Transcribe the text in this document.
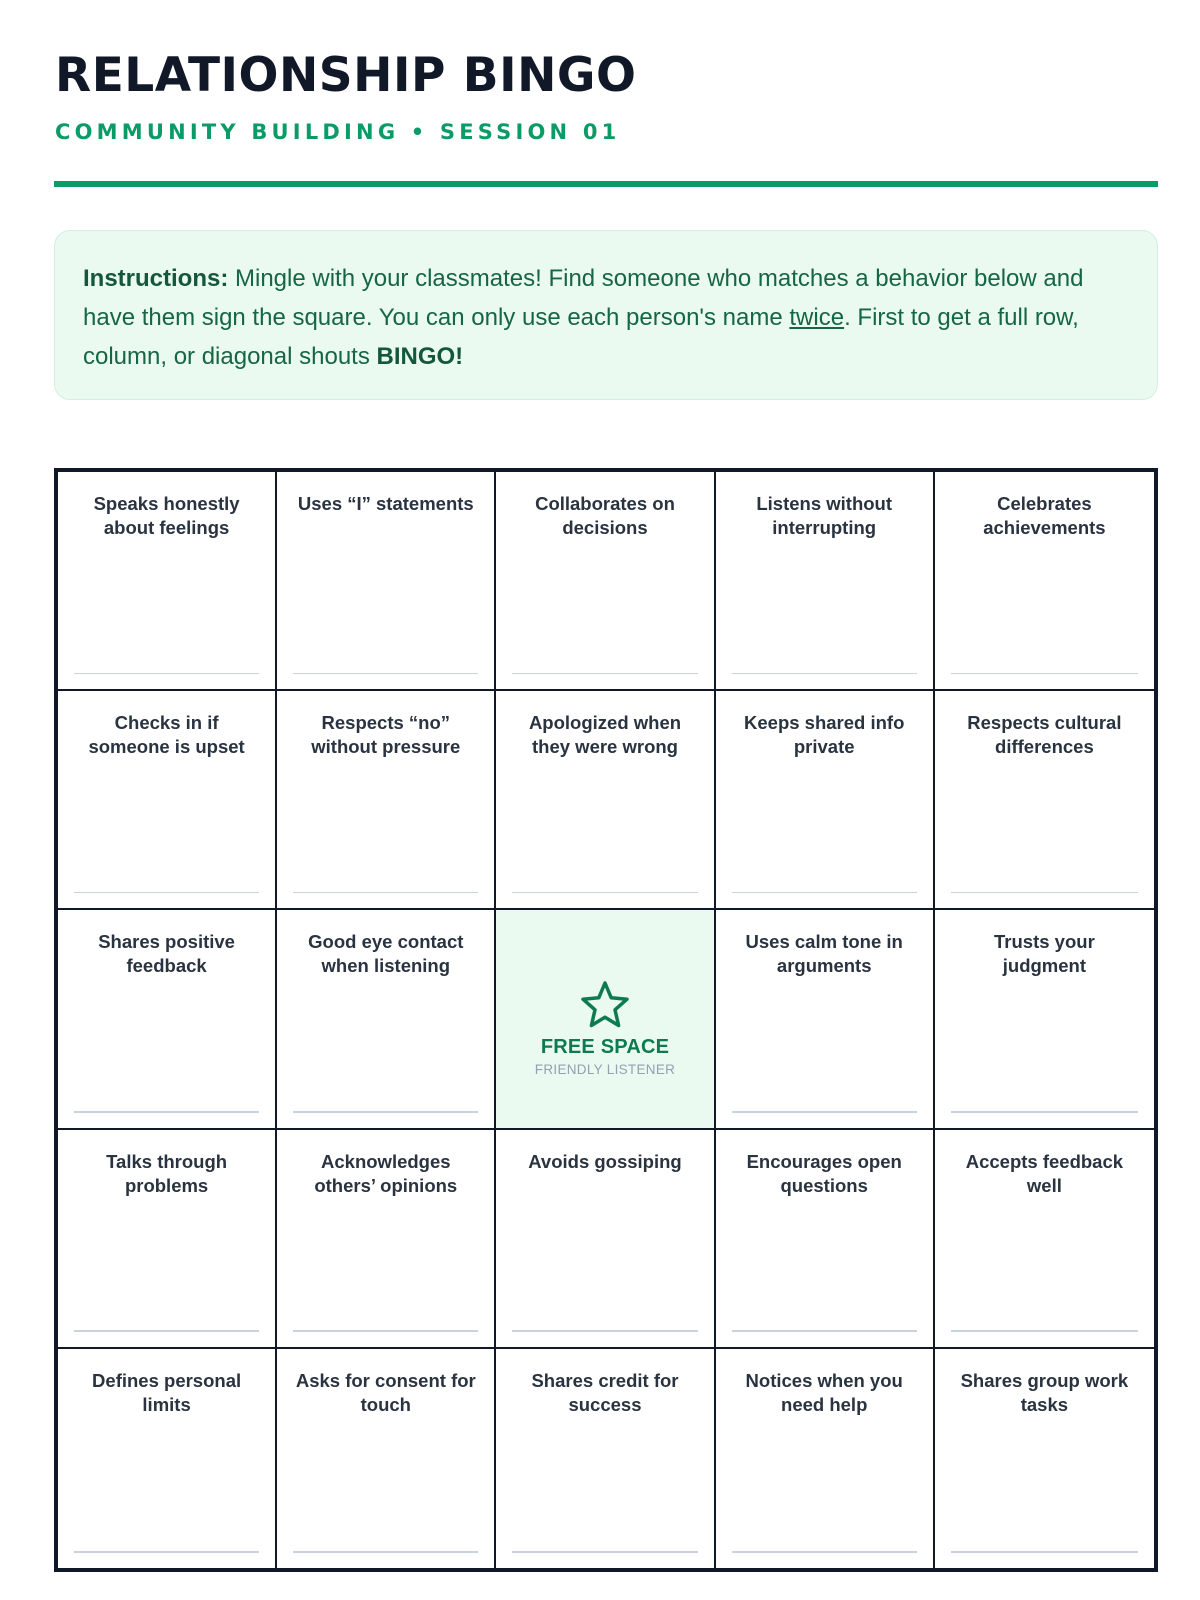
RELATIONSHIP BINGO
COMMUNITY BUILDING • SESSION 01
Instructions: Mingle with your classmates! Find someone who matches a behavior below and have them sign the square. You can only use each person's name twice. First to get a full row, column, or diagonal shouts BINGO!
Speaks honestly about feelings
Uses “I” statements	Collaborates on decisions
Listens without interrupting
Celebrates achievements
Checks in if someone is upset
Respects “no” without pressure
Apologized when they were wrong
Keeps shared info private
Respects cultural differences
Shares positive feedback
Good eye contact when listening
FREE SPACE
FRIENDLY LISTENER
Uses calm tone in arguments
Trusts your judgment
Talks through problems
Acknowledges others’ opinions
Avoids gossiping	Encourages open questions
Accepts feedback well
Defines personal limits
Asks for consent for touch
Shares credit for success
Notices when you need help
Shares group work tasks
